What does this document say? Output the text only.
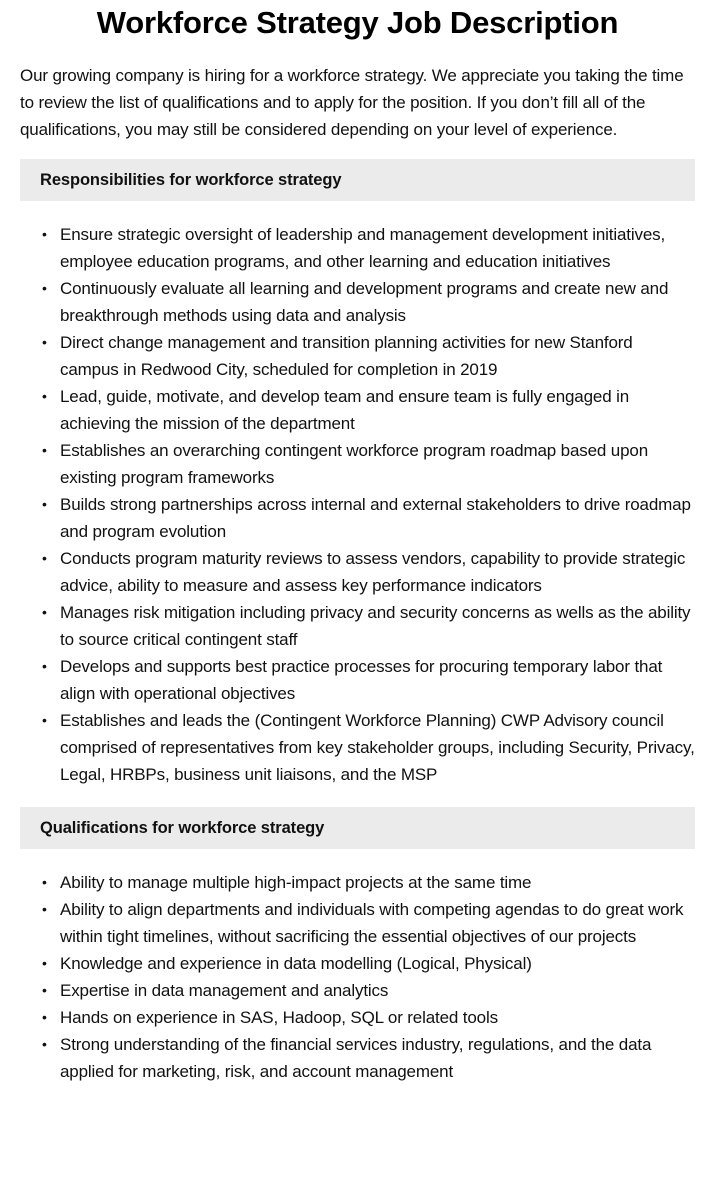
Workforce Strategy Job Description

Our growing company is hiring for a workforce strategy. We appreciate you taking the time to review the list of qualifications and to apply for the position. If you don’t fill all of the qualifications, you may still be considered depending on your level of experience.

Responsibilities for workforce strategy
• Ensure strategic oversight of leadership and management development initiatives, employee education programs, and other learning and education initiatives
• Continuously evaluate all learning and development programs and create new and breakthrough methods using data and analysis
• Direct change management and transition planning activities for new Stanford campus in Redwood City, scheduled for completion in 2019
• Lead, guide, motivate, and develop team and ensure team is fully engaged in achieving the mission of the department
• Establishes an overarching contingent workforce program roadmap based upon existing program frameworks
• Builds strong partnerships across internal and external stakeholders to drive roadmap and program evolution
• Conducts program maturity reviews to assess vendors, capability to provide strategic advice, ability to measure and assess key performance indicators
• Manages risk mitigation including privacy and security concerns as wells as the ability to source critical contingent staff
• Develops and supports best practice processes for procuring temporary labor that align with operational objectives
• Establishes and leads the (Contingent Workforce Planning) CWP Advisory council comprised of representatives from key stakeholder groups, including Security, Privacy, Legal, HRBPs, business unit liaisons, and the MSP
Qualifications for workforce strategy
• Ability to manage multiple high-impact projects at the same time
• Ability to align departments and individuals with competing agendas to do great work within tight timelines, without sacrificing the essential objectives of our projects
• Knowledge and experience in data modelling (Logical, Physical)
• Expertise in data management and analytics
• Hands on experience in SAS, Hadoop, SQL or related tools
• Strong understanding of the financial services industry, regulations, and the data applied for marketing, risk, and account management
